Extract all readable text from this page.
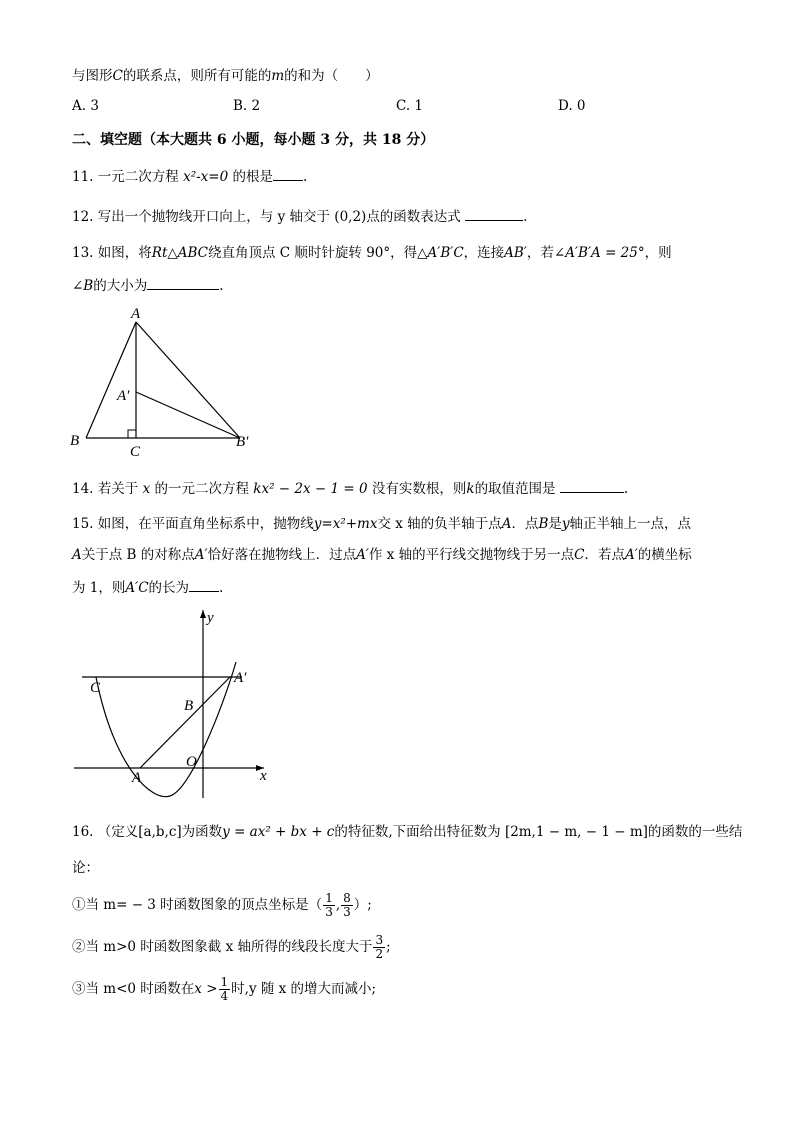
与图形C的联系点，则所有可能的m的和为（　　）
A. 3	B. 2	C. 1	D. 0
二、填空题（本大题共 6 小题，每小题 3 分，共 18 分）
11. 一元二次方程 x²-x=0 的根是 .
12. 写出一个抛物线开口向上，与 y 轴交于 (0,2)点的函数表达式	.
13. 如图，将Rt△ABC绕直角顶点 C 顺时针旋转 90°，得△A′B′C，连接AB′，若∠A′B′A = 25°，则
∠B的大小为	.
A
A′
B
C
B′
14. 若关于 x 的一元二次方程 kx² − 2x − 1 = 0 没有实数根，则k的取值范围是	.
15. 如图，在平面直角坐标系中，抛物线y=x²+mx交 x 轴的负半轴于点A．点B是y轴正半轴上一点，点
A关于点 B 的对称点A′恰好落在抛物线上．过点A′作 x 轴的平行线交抛物线于另一点C．若点A′的横坐标
为 1，则A′C的长为 .
y
x
O
A
B
C
A′
16. （定义[a,b,c]为函数y = ax² + bx + c的特征数,下面给出特征数为 [2m,1 − m, − 1 − m]的函数的一些结
论：
①当 m= − 3 时函数图象的顶点坐标是（ $\frac{1}{3}$ , $\frac{8}{3}$ ）;
②当 m>0 时函数图象截 x 轴所得的线段长度大于 $\frac{3}{2}$ ;
③当 m<0 时函数在$x > \frac{1}{4}$ 时,y 随 x 的增大而减小;
